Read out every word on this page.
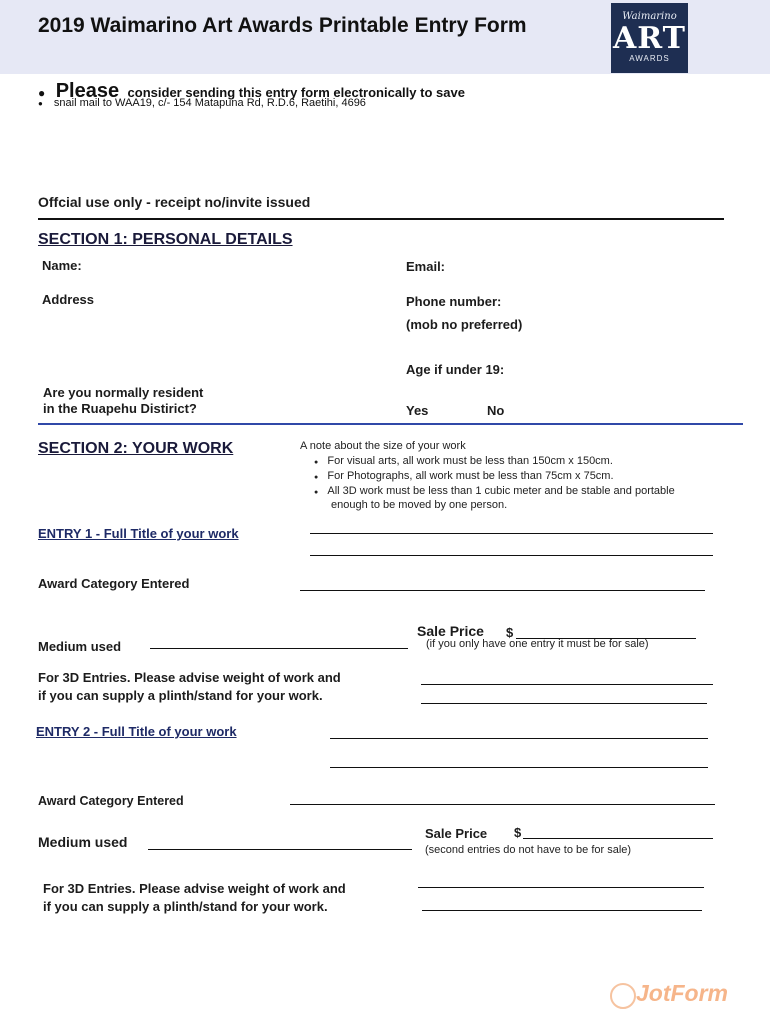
2019 Waimarino Art Awards Printable Entry Form	Waimarino
ART
AWARDS
● Please consider sending this entry form electronically to save
● snail mail to WAA19, c/- 154 Matapuna Rd, R.D.6, Raetihi, 4696
Offcial use only - receipt no/invite issued
SECTION 1: PERSONAL DETAILS
Name:	Email:
Address	Phone number:
(mob no preferred)
Age if under 19:
Are you normally resident
in the Ruapehu Distirict?	Yes	No
SECTION 2: YOUR WORK	A note about the size of your work
● For visual arts, all work must be less than 150cm x 150cm.
● For Photographs, all work must be less than 75cm x 75cm.
● All 3D work must be less than 1 cubic meter and be stable and portable
enough to be moved by one person.
ENTRY 1 - Full Title of your work
Award Category Entered
Sale Price $
(if you only have one entry it must be for sale)
Medium used
For 3D Entries. Please advise weight of work and
if you can supply a plinth/stand for your work.
ENTRY 2 - Full Title of your work
Award Category Entered
Sale Price $
(second entries do not have to be for sale)
Medium used
For 3D Entries. Please advise weight of work and
if you can supply a plinth/stand for your work.
JotForm
